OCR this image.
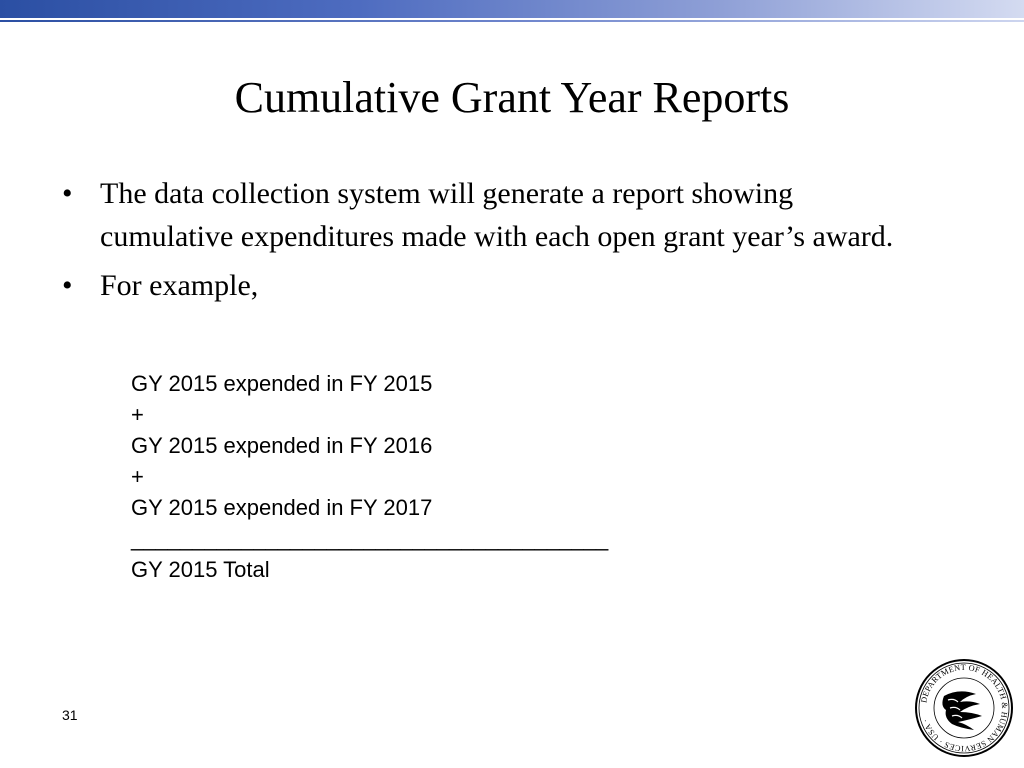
Cumulative Grant Year Reports
• The data collection system will generate a report showing cumulative expenditures made with each open grant year’s award.
• For example,
GY 2015 expended in FY 2015
+
GY 2015 expended in FY 2016
+
GY 2015 expended in FY 2017
_______________________________________
GY 2015 Total
31
DEPARTMENT OF HEALTH & HUMAN SERVICES · USA ·
